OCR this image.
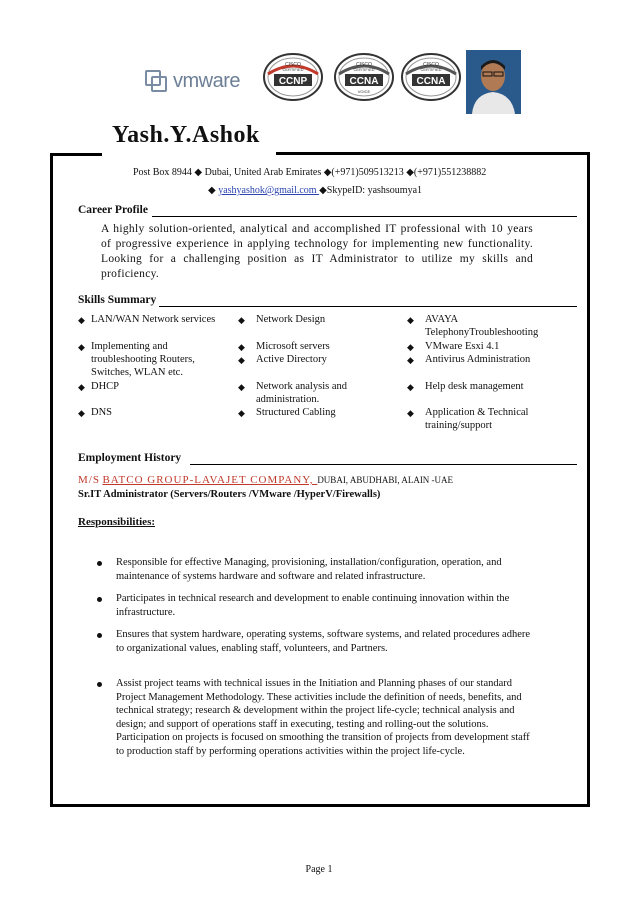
vmware
CISCO
CERTIFIED
CCNP
CISCO
CERTIFIED
CCNA
VOICE
CISCO
CERTIFIED
CCNA
Yash.Y.Ashok
Post Box 8944 ◆ Dubai, United Arab Emirates ◆(+971)509513213 ◆(+971)551238882
◆ yashyashok@gmail.com ◆SkypeID: yashsoumya1
Career Profile
A highly solution-oriented, analytical and accomplished IT professional with 10 years of progressive experience in applying technology for implementing new functionality. Looking for a challenging position as IT Administrator to utilize my skills and proficiency.
Skills Summary
◆ LAN/WAN Network services
◆ Implementing and troubleshooting Routers, Switches, WLAN etc.
◆ DHCP
◆ DNS
◆ Network Design
◆ Microsoft servers
◆ Active Directory
◆ Network analysis and administration.
◆ Structured Cabling
◆ AVAYA TelephonyTroubleshooting
◆ VMware Esxi 4.1
◆ Antivirus Administration
◆ Help desk management
◆ Application & Technical training/support
Employment History
M/S BATCO GROUP-LAVAJET COMPANY, DUBAI, ABUDHABI, ALAIN -UAE
Sr.IT Administrator (Servers/Routers /VMware /HyperV/Firewalls)
Responsibilities:
Responsible for effective Managing, provisioning, installation/configuration, operation, and maintenance of systems hardware and software and related infrastructure.
Participates in technical research and development to enable continuing innovation within the infrastructure.
Ensures that system hardware, operating systems, software systems, and related procedures adhere to organizational values, enabling staff, volunteers, and Partners.
Assist project teams with technical issues in the Initiation and Planning phases of our standard Project Management Methodology. These activities include the definition of needs, benefits, and technical strategy; research & development within the project life-cycle; technical analysis and design; and support of operations staff in executing, testing and rolling-out the solutions. Participation on projects is focused on smoothing the transition of projects from development staff to production staff by performing operations activities within the project life-cycle.
Page 1
